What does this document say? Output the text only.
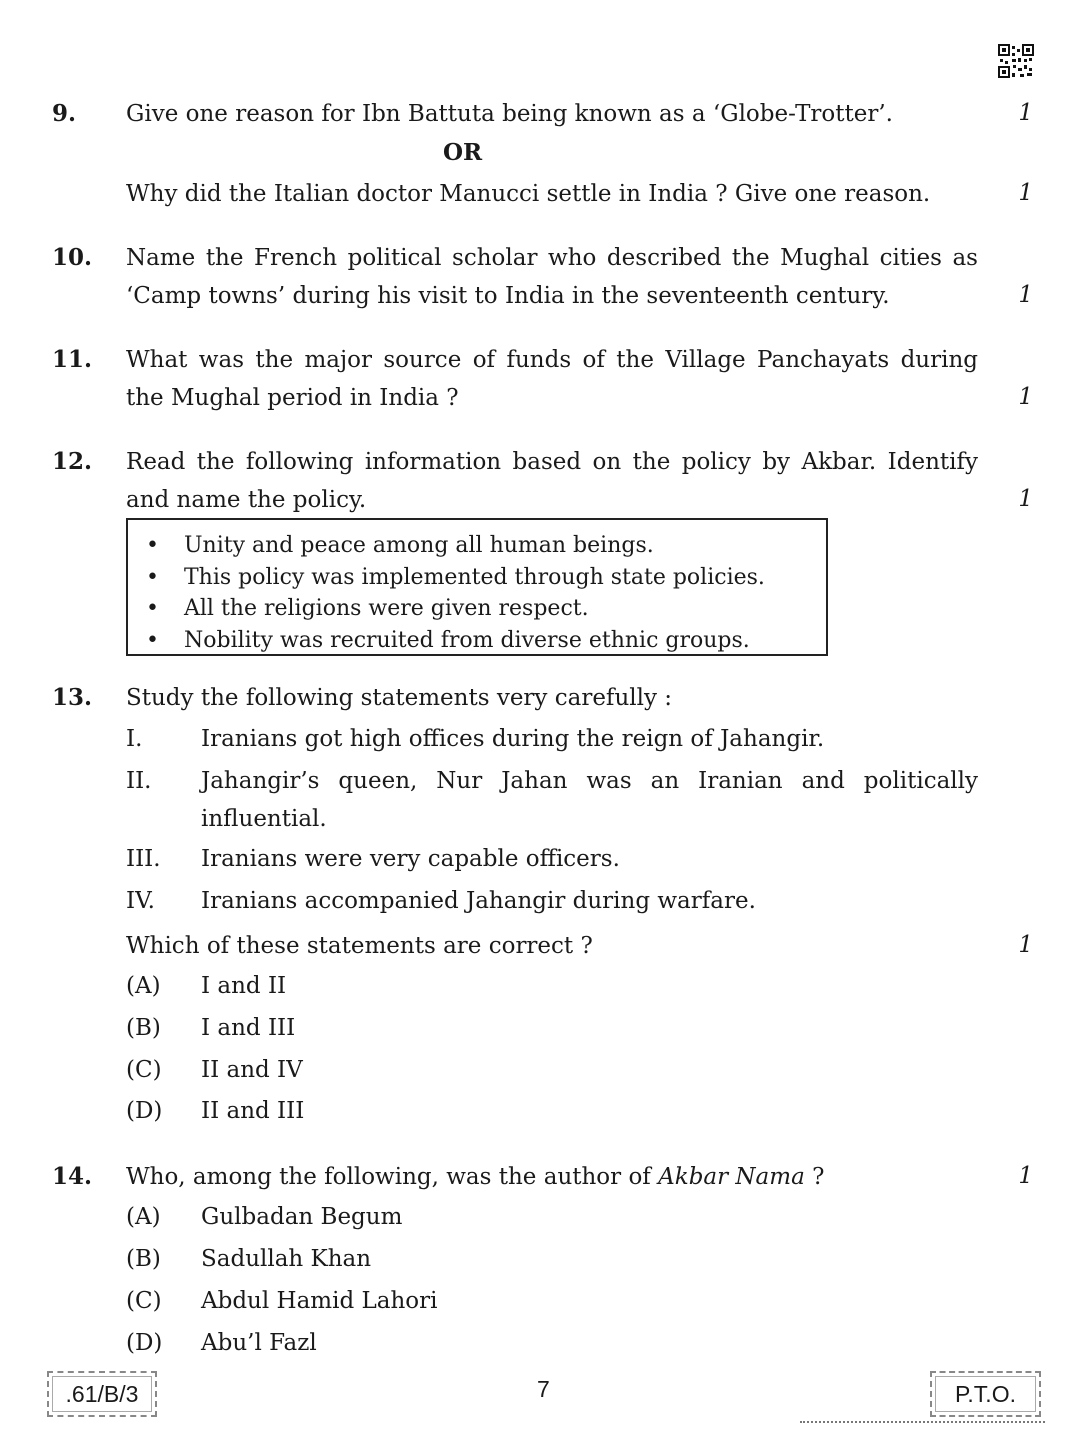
9. Give one reason for Ibn Battuta being known as a ‘Globe-Trotter’.	1
OR
Why did the Italian doctor Manucci settle in India ? Give one reason.	1
10. Name the French political scholar who described the Mughal cities as ‘Camp towns’ during his visit to India in the seventeenth century.	1
11. What was the major source of funds of the Village Panchayats during the Mughal period in India ?	1
12. Read the following information based on the policy by Akbar. Identify and name the policy.	1
• Unity and peace among all human beings.
• This policy was implemented through state policies.
• All the religions were given respect.
• Nobility was recruited from diverse ethnic groups.
13. Study the following statements very carefully :
I.	Iranians got high offices during the reign of Jahangir.
II. Jahangir’s queen, Nur Jahan was an Iranian and politically influential.
III. Iranians were very capable officers.
IV. Iranians accompanied Jahangir during warfare.
Which of these statements are correct ?	1
(A) I and II
(B) I and III
(C) II and IV
(D) II and III
14. Who, among the following, was the author of Akbar Nama ?	1
(A) Gulbadan Begum
(B) Sadullah Khan
(C) Abdul Hamid Lahori
(D) Abu’l Fazl
.61/B/3	7	P.T.O.
